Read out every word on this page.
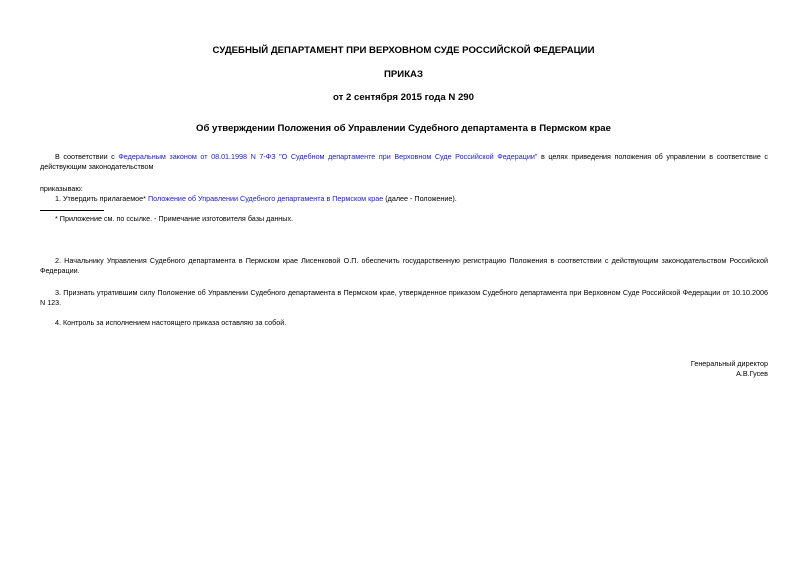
СУДЕБНЫЙ ДЕПАРТАМЕНТ ПРИ ВЕРХОВНОМ СУДЕ РОССИЙСКОЙ ФЕДЕРАЦИИ
ПРИКАЗ
от 2 сентября 2015 года N 290
Об утверждении Положения об Управлении Судебного департамента в Пермском крае

В соответствии с Федеральным законом от 08.01.1998 N 7-ФЗ "О Судебном департаменте при Верховном Суде Российской Федерации" в целях приведения положения об управлении в соответствие с действующим законодательством

приказываю:

1. Утвердить прилагаемое* Положение об Управлении Судебного департамента в Пермском крае (далее - Положение).

* Приложение см. по ссылке. - Примечание изготовителя базы данных.

2. Начальнику Управления Судебного департамента в Пермском крае Лисенковой О.П. обеспечить государственную регистрацию Положения в соответствии с действующим законодательством Российской Федерации.

3. Признать утратившим силу Положение об Управлении Судебного департамента в Пермском крае, утвержденное приказом Судебного департамента при Верховном Суде Российской Федерации от 10.10.2006 N 123.

4. Контроль за исполнением настоящего приказа оставляю за собой.

Генеральный директор
А.В.Гусев
